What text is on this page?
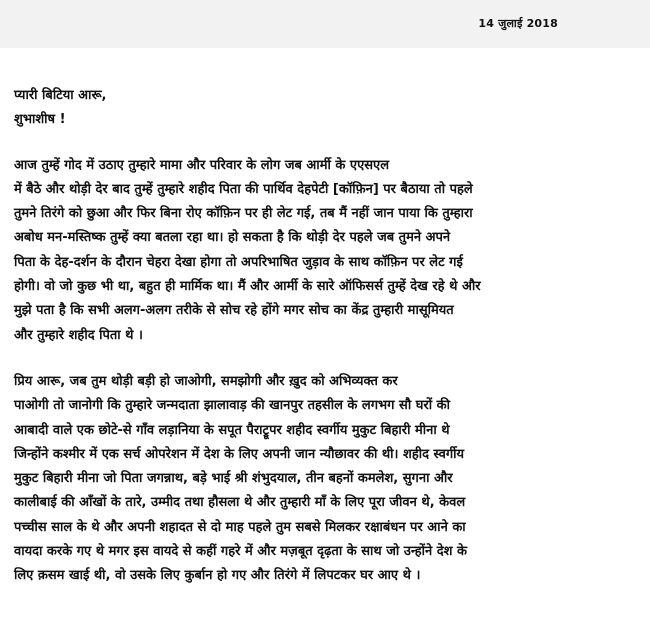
14 जुलाई 2018

प्यारी बिटिया आरू,

शुभाशीष !

आज तुम्हें गोद में उठाए तुम्हारे मामा और परिवार के लोग जब आर्मी के एएसएल
में बैठे और थोड़ी देर बाद तुम्हें तुम्हारे शहीद पिता की पार्थिव देहपेटी [कॉफ़िन] पर बैठाया तो पहले
तुमने तिरंगे को छुआ और फिर बिना रोए कॉफ़िन पर ही लेट गई, तब मैं नहीं जान पाया कि तुम्हारा
अबोध मन-मस्तिष्क तुम्हें क्या बतला रहा था। हो सकता है कि थोड़ी देर पहले जब तुमने अपने
पिता के देह-दर्शन के दौरान चेहरा देखा होगा तो अपरिभाषित जुड़ाव के साथ कॉफ़िन पर लेट गई
होगी। वो जो कुछ भी था, बहुत ही मार्मिक था। मैं और आर्मी के सारे ऑफिसर्स तुम्हें देख रहे थे और
मुझे पता है कि सभी अलग-अलग तरीके से सोच रहे होंगे मगर सोच का केंद्र तुम्हारी मासूमियत
और तुम्हारे शहीद पिता थे ।

प्रिय आरू, जब तुम थोड़ी बड़ी हो जाओगी, समझोगी और ख़ुद को अभिव्यक्त कर
पाओगी तो जानोगी कि तुम्हारे जन्मदाता झालावाड़ की खानपुर तहसील के लगभग सौ घरों की
आबादी वाले एक छोटे-से गाँव लड़ानिया के सपूत पैराट्रूपर शहीद स्वर्गीय मुकुट बिहारी मीना थे
जिन्होंने कश्मीर में एक सर्च ओपरेशन में देश के लिए अपनी जान न्यौछावर की थी। शहीद स्वर्गीय
मुकुट बिहारी मीना जो पिता जगन्नाथ, बड़े भाई श्री शंभुदयाल, तीन बहनों कमलेश, सुगना और
कालीबाई की आँखों के तारे, उम्मीद तथा हौसला थे और तुम्हारी माँ के लिए पूरा जीवन थे, केवल
पच्चीस साल के थे और अपनी शहादत से दो माह पहले तुम सबसे मिलकर रक्षाबंधन पर आने का
वायदा करके गए थे मगर इस वायदे से कहीं गहरे में और मज़बूत दृढ़ता के साथ जो उन्होंने देश के
लिए क़सम खाई थी, वो उसके लिए कुर्बान हो गए और तिरंगे में लिपटकर घर आए थे ।
